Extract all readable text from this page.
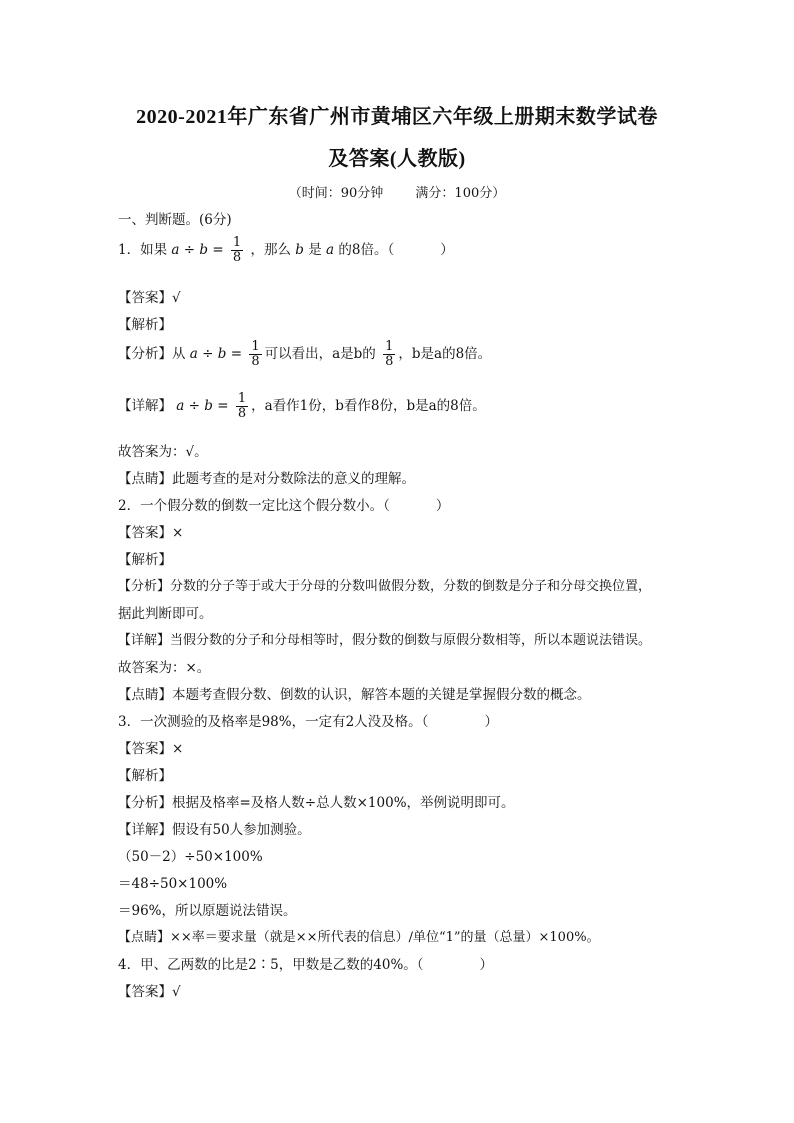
2020-2021年广东省广州市黄埔区六年级上册期末数学试卷
及答案(人教版)
（时间：90分钟 满分：100分）
一、判断题。(6分)
1．如果 $a \div b = \frac{1}{8}$ ，那么 b 是 a 的8倍。（	）
【答案】√
【解析】
【分析】从 $a \div b = \frac{1}{8}$ 可以看出，a是b的 $\frac{1}{8}$ ，b是a的8倍。
【详解】 $a \div b = \frac{1}{8}$ ，a看作1份，b看作8份，b是a的8倍。
故答案为：√。
【点睛】此题考查的是对分数除法的意义的理解。
2．一个假分数的倒数一定比这个假分数小。（	）
【答案】×
【解析】
【分析】分数的分子等于或大于分母的分数叫做假分数，分数的倒数是分子和分母交换位置，
据此判断即可。
【详解】当假分数的分子和分母相等时，假分数的倒数与原假分数相等，所以本题说法错误。
故答案为：×。
【点睛】本题考查假分数、倒数的认识，解答本题的关键是掌握假分数的概念。
3．一次测验的及格率是98%，一定有2人没及格。（	）
【答案】×
【解析】
【分析】根据及格率=及格人数÷总人数×100%，举例说明即可。
【详解】假设有50人参加测验。
（50－2）÷50×100%
＝48÷50×100%
＝96%，所以原题说法错误。
【点睛】××率＝要求量（就是××所代表的信息）/单位“1”的量（总量）×100%。
4．甲、乙两数的比是2∶5，甲数是乙数的40%。（	）
【答案】√
